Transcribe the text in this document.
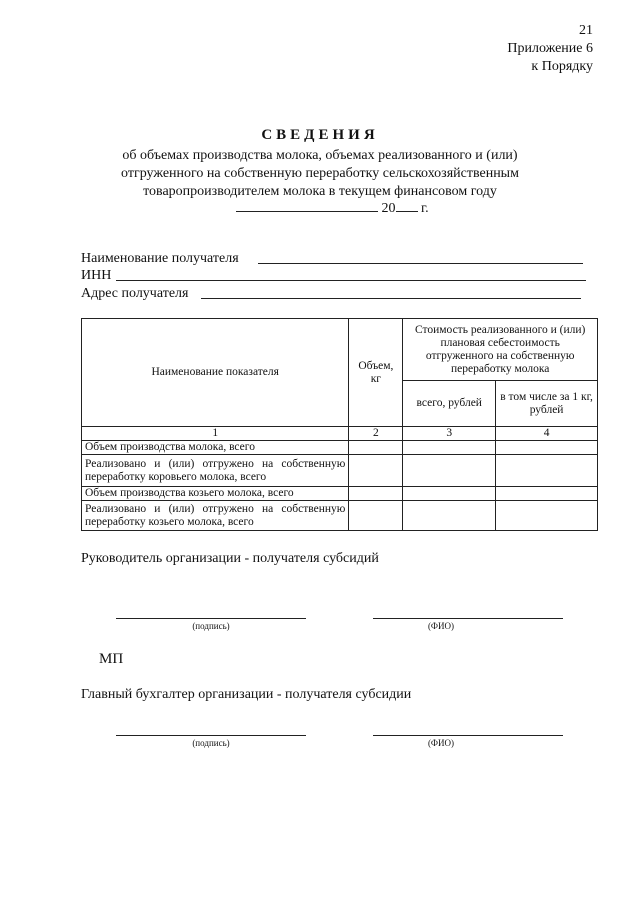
21
Приложение 6
к Порядку
СВЕДЕНИЯ
об объемах производства молока, объемах реализованного и (или)
отгруженного на собственную переработку сельскохозяйственным
товаропроизводителем молока в текущем финансовом году
20 г.
Наименование получателя
ИНН
Адрес получателя
Наименование показателя	Объем, кг	Стоимость реализованного и (или) плановая себестоимость отгруженного на собственную переработку молока	
		всего, рублей	в том числе за 1 кг, рублей
1	2	3	4
Объем производства молока, всего			
Реализовано и (или) отгружено на собственную переработку коровьего молока, всего			
Объем производства козьего молока, всего			
Реализовано и (или) отгружено на собственную переработку козьего молока, всего			
Руководитель организации - получателя субсидий
(подпись)	(ФИО)
МП
Главный бухгалтер организации - получателя субсидии
(подпись)	(ФИО)
